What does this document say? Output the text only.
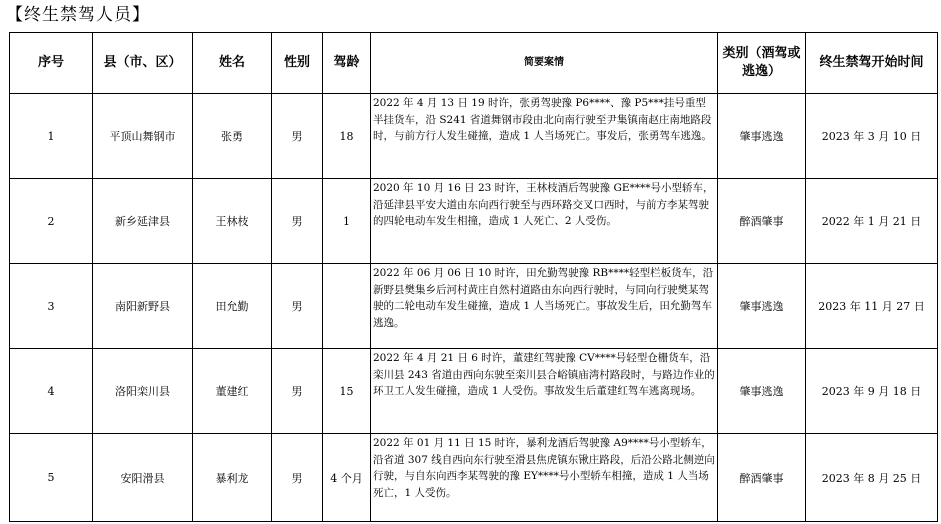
【终生禁驾人员】
序号	县（市、区）	姓名	性别	驾龄	简要案情	类别（酒驾或逃逸）	终生禁驾开始时间
1	平顶山舞钢市	张勇	男	18	2022 年 4 月 13 日 19 时许，张勇驾驶豫 P6****、豫 P5***挂号重型半挂货车，沿 S241 省道舞钢市段由北向南行驶至尹集镇南赵庄南地路段时，与前方行人发生碰撞，造成 1 人当场死亡。事发后，张勇驾车逃逸。	肇事逃逸	2023 年 3 月 10 日
2	新乡延津县	王林枝	男	1	2020 年 10 月 16 日 23 时许，王林枝酒后驾驶豫 GE****号小型轿车，沿延津县平安大道由东向西行驶至与西环路交叉口西时，与前方李某驾驶的四轮电动车发生相撞，造成 1 人死亡、2 人受伤。	醉酒肇事	2022 年 1 月 21 日
3	南阳新野县	田允勤	男		2022 年 06 月 06 日 10 时许，田允勤驾驶豫 RB****轻型栏板货车，沿新野县樊集乡后河村黄庄自然村道路由东向西行驶时，与同向行驶樊某驾驶的二轮电动车发生碰撞，造成 1 人当场死亡。事故发生后，田允勤驾车逃逸。	肇事逃逸	2023 年 11 月 27 日
4	洛阳栾川县	董建红	男	15	2022 年 4 月 21 日 6 时许，董建红驾驶豫 CV****号轻型仓栅货车，沿栾川县 243 省道由西向东驶至栾川县合峪镇庙湾村路段时，与路边作业的环卫工人发生碰撞，造成 1 人受伤。事故发生后董建红驾车逃离现场。	肇事逃逸	2023 年 9 月 18 日
5	安阳滑县	暴利龙	男	4 个月	2022 年 01 月 11 日 15 时许，暴利龙酒后驾驶豫 A9****号小型轿车，沿省道 307 线自西向东行驶至滑县焦虎镇东锹庄路段，后沿公路北侧逆向行驶，与自东向西李某驾驶的豫 EY****号小型轿车相撞，造成 1 人当场死亡，1 人受伤。	醉酒肇事	2023 年 8 月 25 日
